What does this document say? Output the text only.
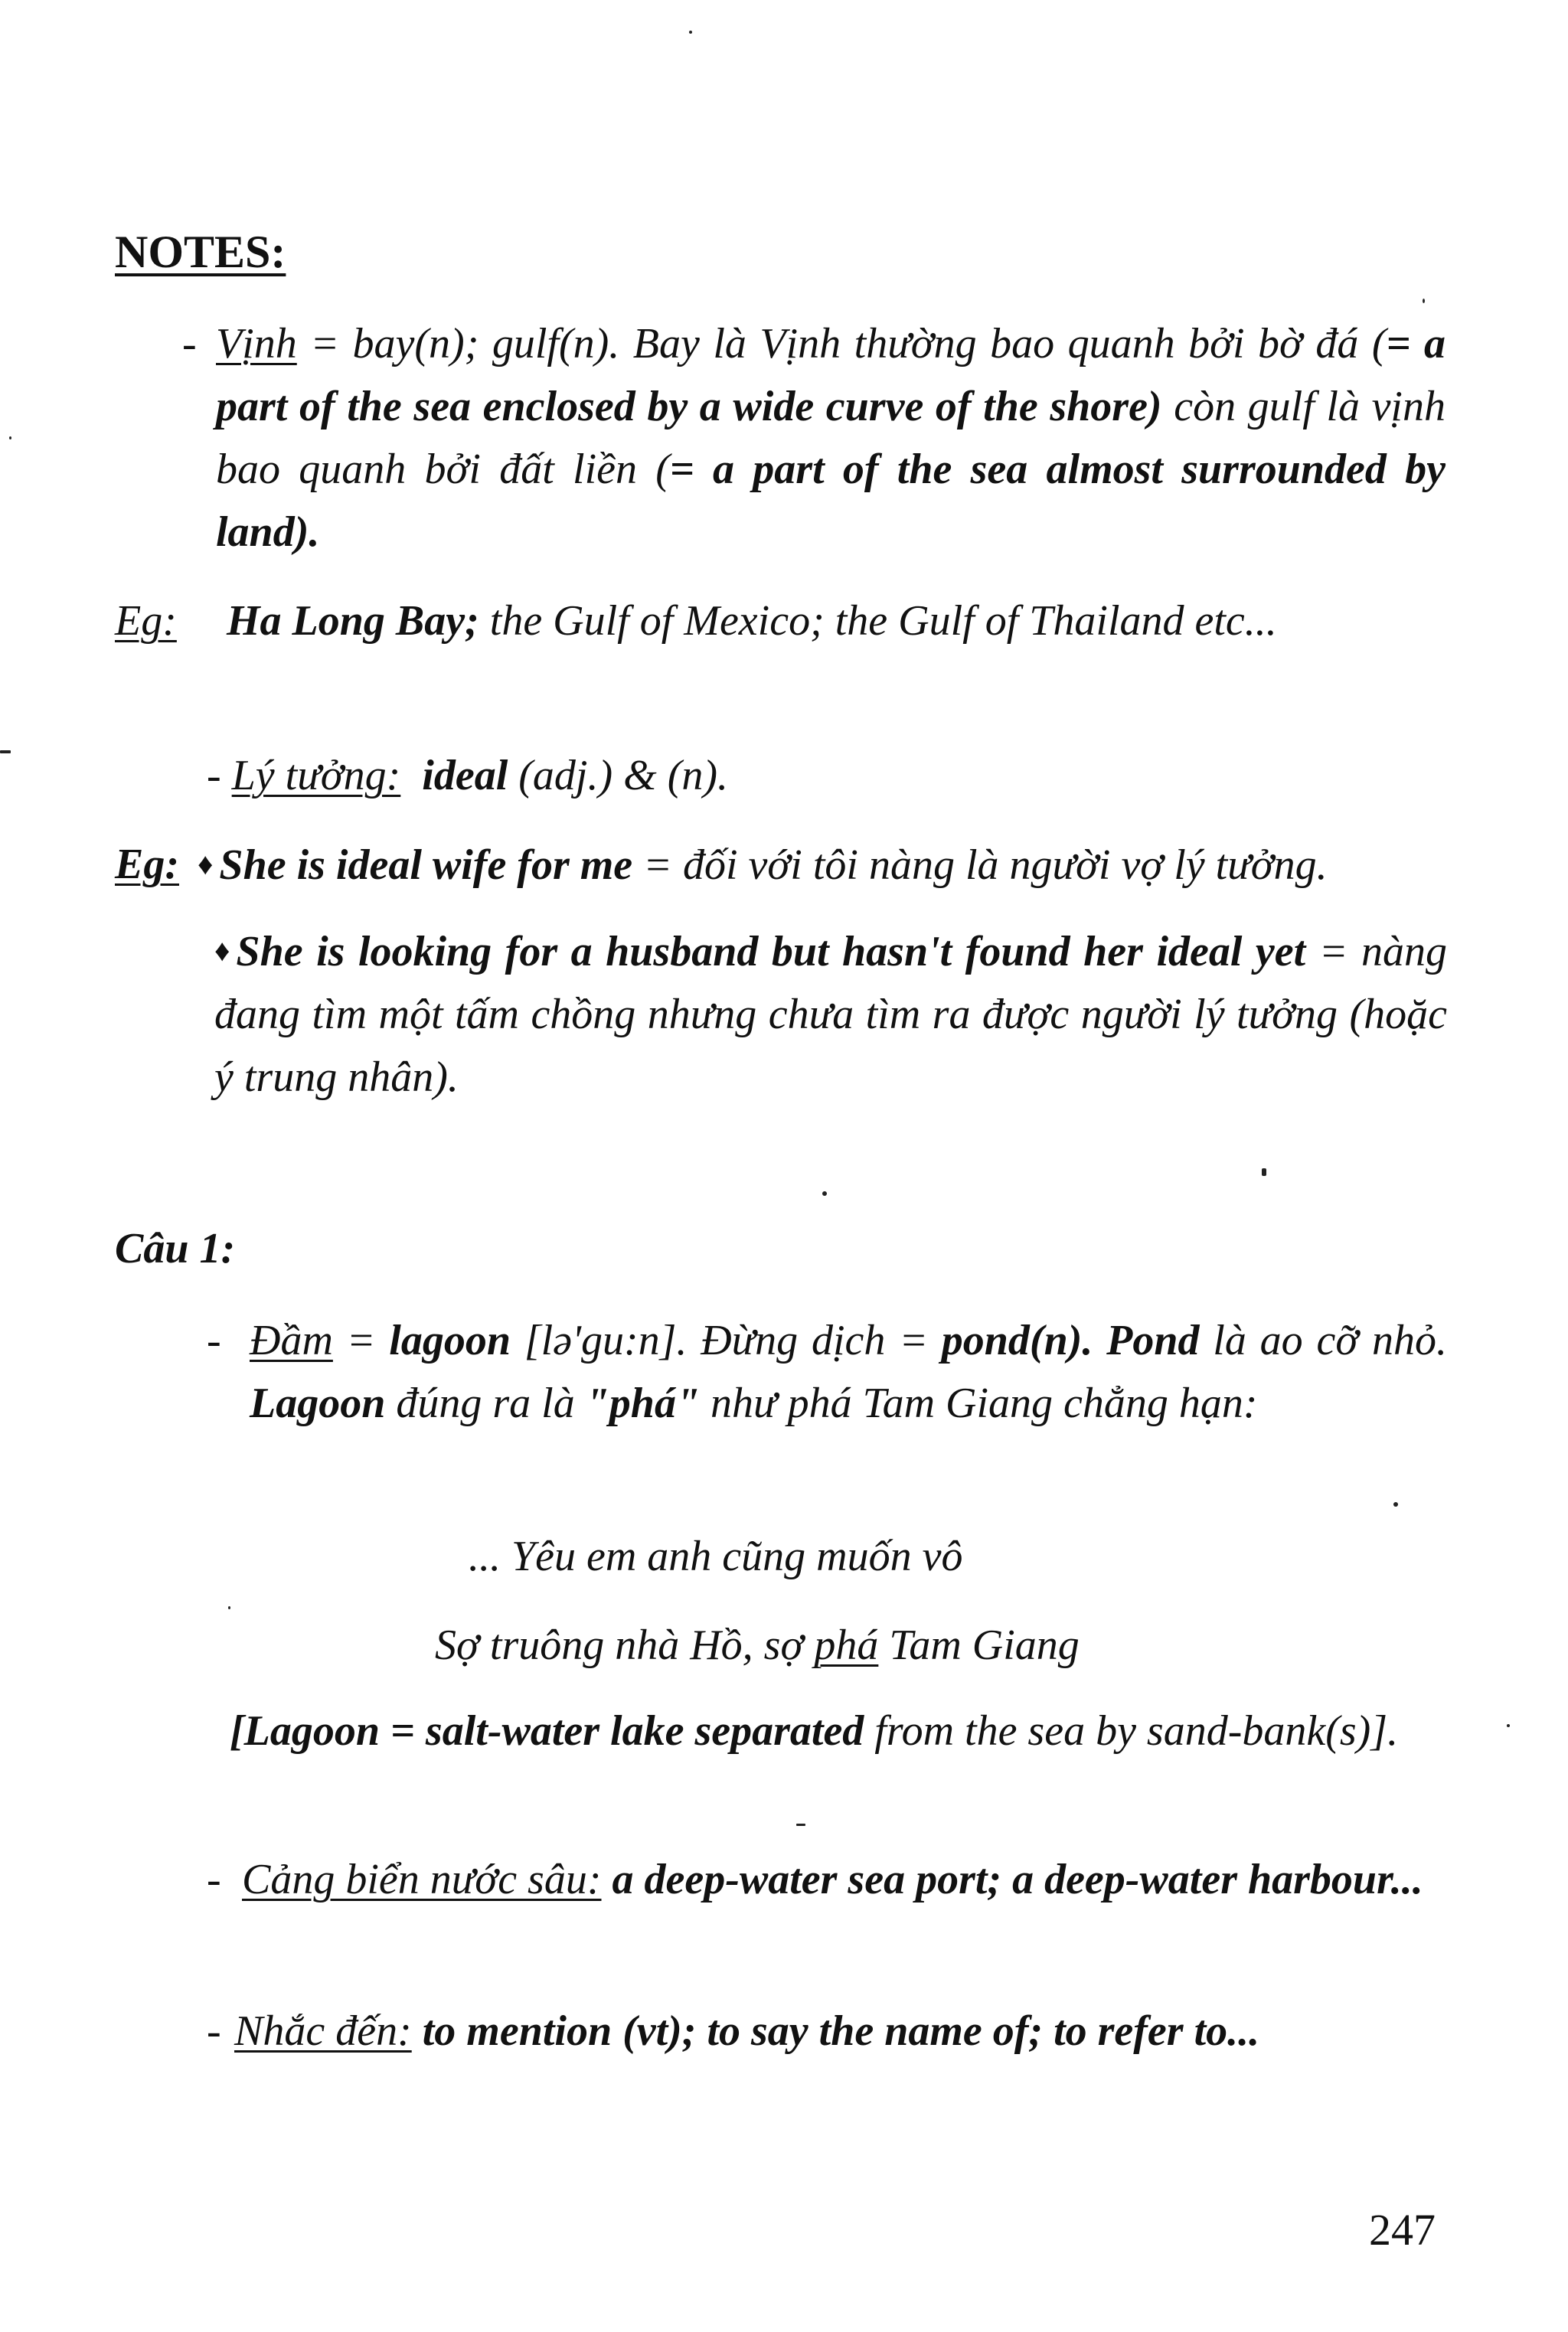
NOTES:
- Vịnh = bay(n); gulf(n). Bay là Vịnh thường bao quanh bởi bờ đá (= a part of the sea enclosed by a wide curve of the shore) còn gulf là vịnh bao quanh bởi đất liền (= a part of the sea almost surrounded by land).
Eg: Ha Long Bay; the Gulf of Mexico; the Gulf of Thailand etc...
- Lý tưởng: ideal (adj.) & (n).
Eg: ♦ She is ideal wife for me = đối với tôi nàng là người vợ lý tưởng.
♦ She is looking for a husband but hasn't found her ideal yet = nàng đang tìm một tấm chồng nhưng chưa tìm ra được người lý tưởng (hoặc ý trung nhân).
Câu 1:
- Đầm = lagoon [lə'gu:n]. Đừng dịch = pond(n). Pond là ao cỡ nhỏ. Lagoon đúng ra là "phá" như phá Tam Giang chẳng hạn:
... Yêu em anh cũng muốn vô
Sợ truông nhà Hồ, sợ phá Tam Giang
[Lagoon = salt-water lake separated from the sea by sand-bank(s)].
- Cảng biển nước sâu: a deep-water sea port; a deep-water harbour...
- Nhắc đến: to mention (vt); to say the name of; to refer to...
247
